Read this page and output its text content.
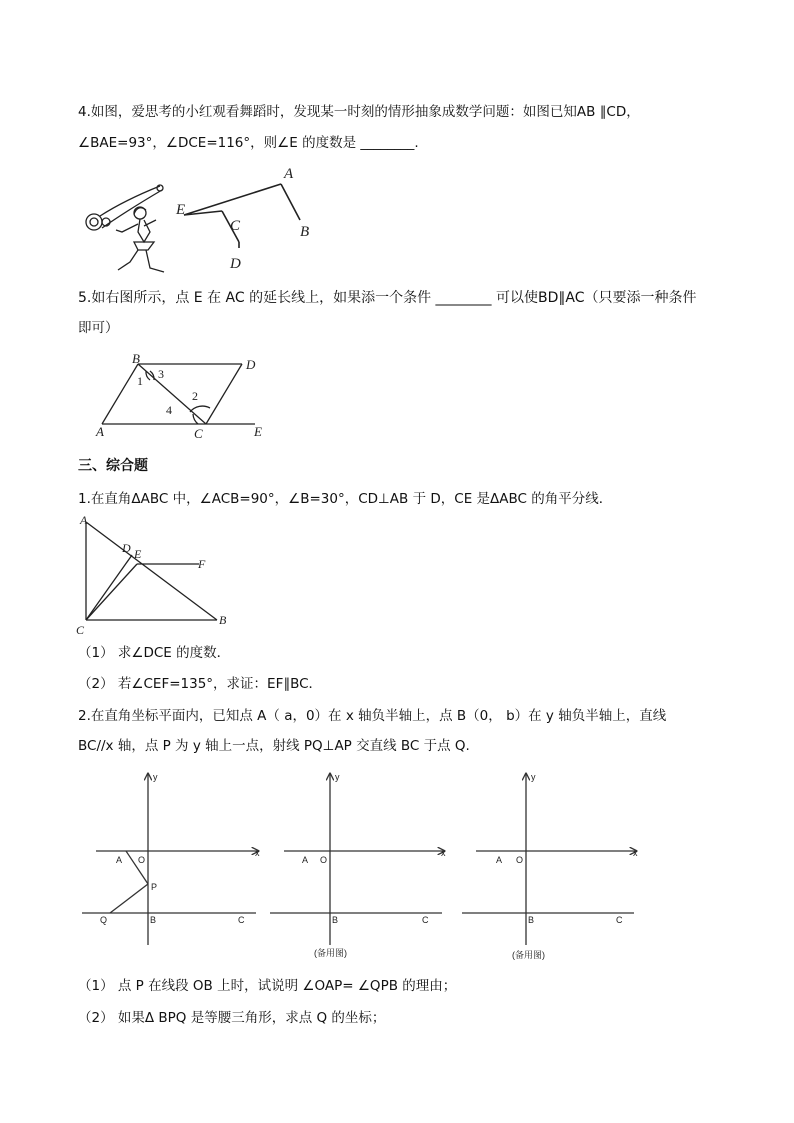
4.如图，爱思考的小红观看舞蹈时，发现某一时刻的情形抽象成数学问题：如图已知AB ∥CD，
∠BAE=93°，∠DCE=116°，则∠E 的度数是 ________.
A
B
C
D
E
5.如右图所示，点 E 在 AC 的延长线上，如果添一个条件 ________ 可以使BD∥AC（只要添一种条件
即可）
B	D
A	C	E
1 3
2
4
三、综合题
1.在直角ΔABC 中，∠ACB=90°，∠B=30°，CD⊥AB 于 D，CE 是ΔABC 的角平分线．
A
D E
F
C
B
（1） 求∠DCE 的度数．
（2） 若∠CEF=135°，求证：EF∥BC．
2.在直角坐标平面内，已知点 A（ a，0）在 x 轴负半轴上，点 B（0， b）在 y 轴负半轴上，直线
BC//x 轴，点 P 为 y 轴上一点，射线 PQ⊥AP 交直线 BC 于点 Q.
y
x
A O
P
Q	B	C
y
x
A O
B	C
(备用图)
y
x
A O
B	C
(备用图)
（1） 点 P 在线段 OB 上时，试说明 ∠OAP= ∠QPB 的理由；
（2） 如果Δ BPQ 是等腰三角形，求点 Q 的坐标；
